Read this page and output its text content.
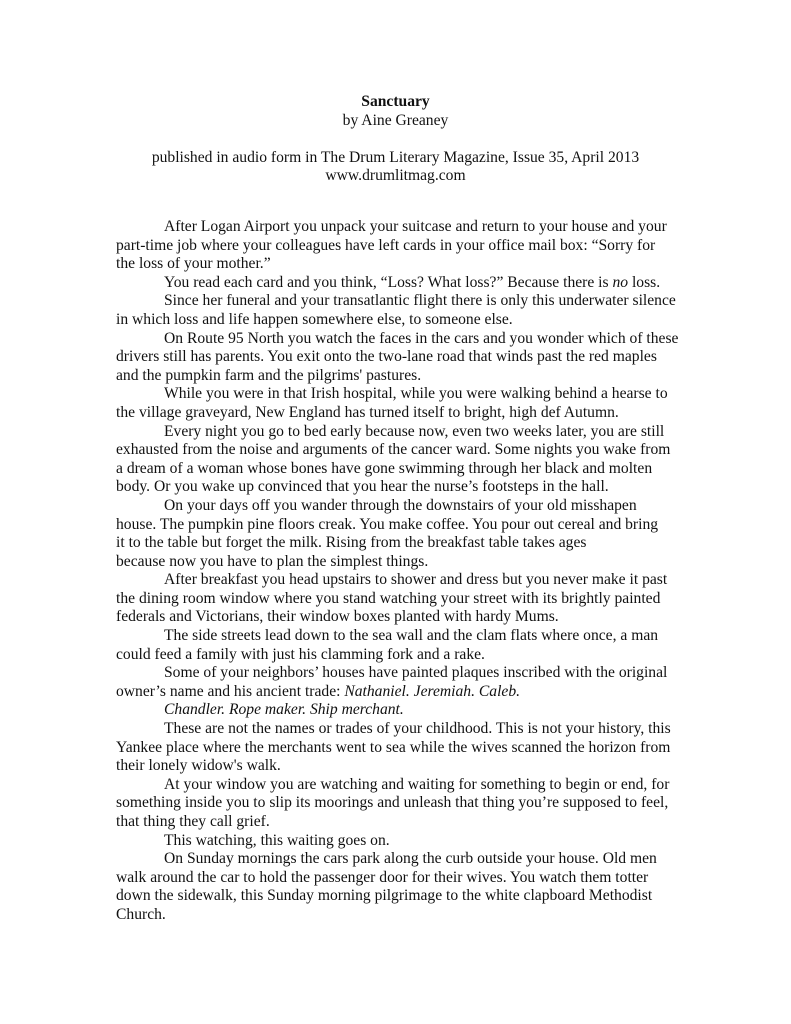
Sanctuary
by Aine Greaney
published in audio form in The Drum Literary Magazine, Issue 35, April 2013
www.drumlitmag.com

After Logan Airport you unpack your suitcase and return to your house and your
part-time job where your colleagues have left cards in your office mail box: “Sorry for
the loss of your mother.”

You read each card and you think, “Loss? What loss?” Because there is no loss.

Since her funeral and your transatlantic flight there is only this underwater silence
in which loss and life happen somewhere else, to someone else.

On Route 95 North you watch the faces in the cars and you wonder which of these
drivers still has parents. You exit onto the two-lane road that winds past the red maples
and the pumpkin farm and the pilgrims' pastures.

While you were in that Irish hospital, while you were walking behind a hearse to
the village graveyard, New England has turned itself to bright, high def Autumn.

Every night you go to bed early because now, even two weeks later, you are still
exhausted from the noise and arguments of the cancer ward. Some nights you wake from
a dream of a woman whose bones have gone swimming through her black and molten
body. Or you wake up convinced that you hear the nurse’s footsteps in the hall.

On your days off you wander through the downstairs of your old misshapen
house. The pumpkin pine floors creak. You make coffee. You pour out cereal and bring
it to the table but forget the milk. Rising from the breakfast table takes ages
because now you have to plan the simplest things.

After breakfast you head upstairs to shower and dress but you never make it past
the dining room window where you stand watching your street with its brightly painted
federals and Victorians, their window boxes planted with hardy Mums.

The side streets lead down to the sea wall and the clam flats where once, a man
could feed a family with just his clamming fork and a rake.

Some of your neighbors’ houses have painted plaques inscribed with the original
owner’s name and his ancient trade: Nathaniel. Jeremiah. Caleb.

Chandler. Rope maker. Ship merchant.

These are not the names or trades of your childhood. This is not your history, this
Yankee place where the merchants went to sea while the wives scanned the horizon from
their lonely widow's walk.

At your window you are watching and waiting for something to begin or end, for
something inside you to slip its moorings and unleash that thing you’re supposed to feel,
that thing they call grief.

This watching, this waiting goes on.

On Sunday mornings the cars park along the curb outside your house. Old men
walk around the car to hold the passenger door for their wives. You watch them totter
down the sidewalk, this Sunday morning pilgrimage to the white clapboard Methodist
Church.
